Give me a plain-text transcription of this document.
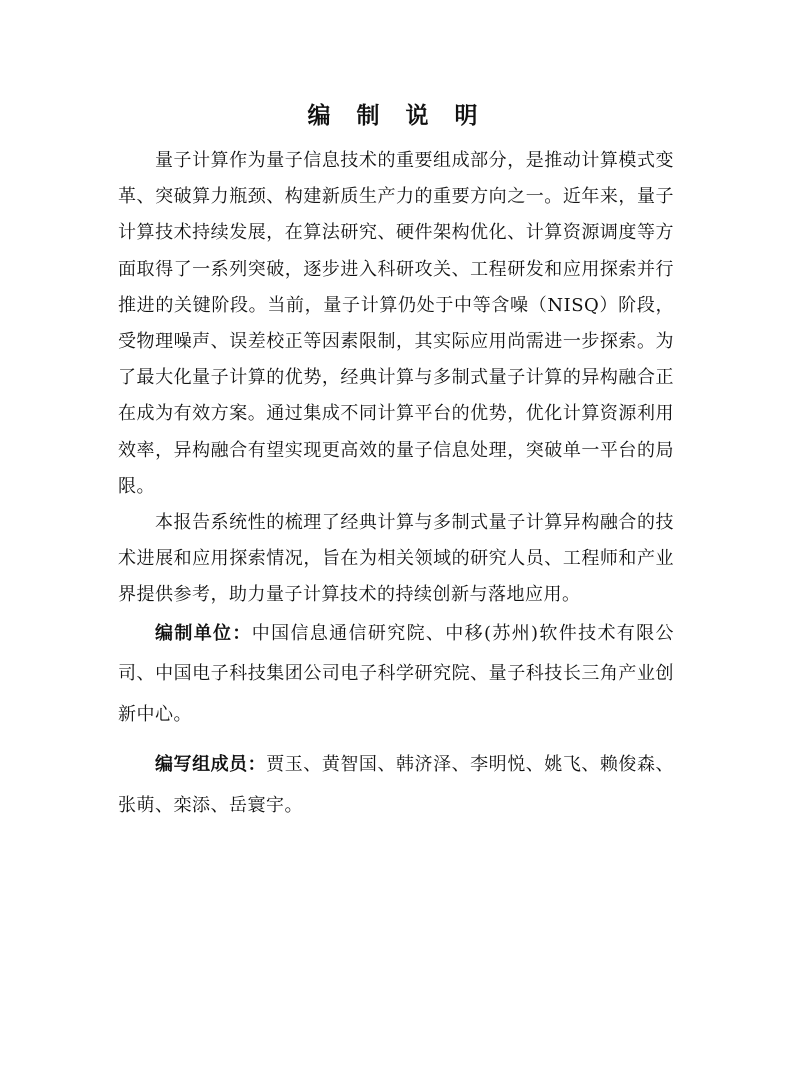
编 制 说 明

量子计算作为量子信息技术的重要组成部分，是推动计算模式变革、突破算力瓶颈、构建新质生产力的重要方向之一。近年来，量子计算技术持续发展，在算法研究、硬件架构优化、计算资源调度等方面取得了一系列突破，逐步进入科研攻关、工程研发和应用探索并行推进的关键阶段。当前，量子计算仍处于中等含噪（NISQ）阶段，受物理噪声、误差校正等因素限制，其实际应用尚需进一步探索。为了最大化量子计算的优势，经典计算与多制式量子计算的异构融合正在成为有效方案。通过集成不同计算平台的优势，优化计算资源利用效率，异构融合有望实现更高效的量子信息处理，突破单一平台的局限。

本报告系统性的梳理了经典计算与多制式量子计算异构融合的技术进展和应用探索情况，旨在为相关领域的研究人员、工程师和产业界提供参考，助力量子计算技术的持续创新与落地应用。

编制单位：中国信息通信研究院、中移(苏州)软件技术有限公司、中国电子科技集团公司电子科学研究院、量子科技长三角产业创新中心。

编写组成员：贾玉、黄智国、韩济泽、李明悦、姚飞、赖俊森、张萌、栾添、岳寰宇。
